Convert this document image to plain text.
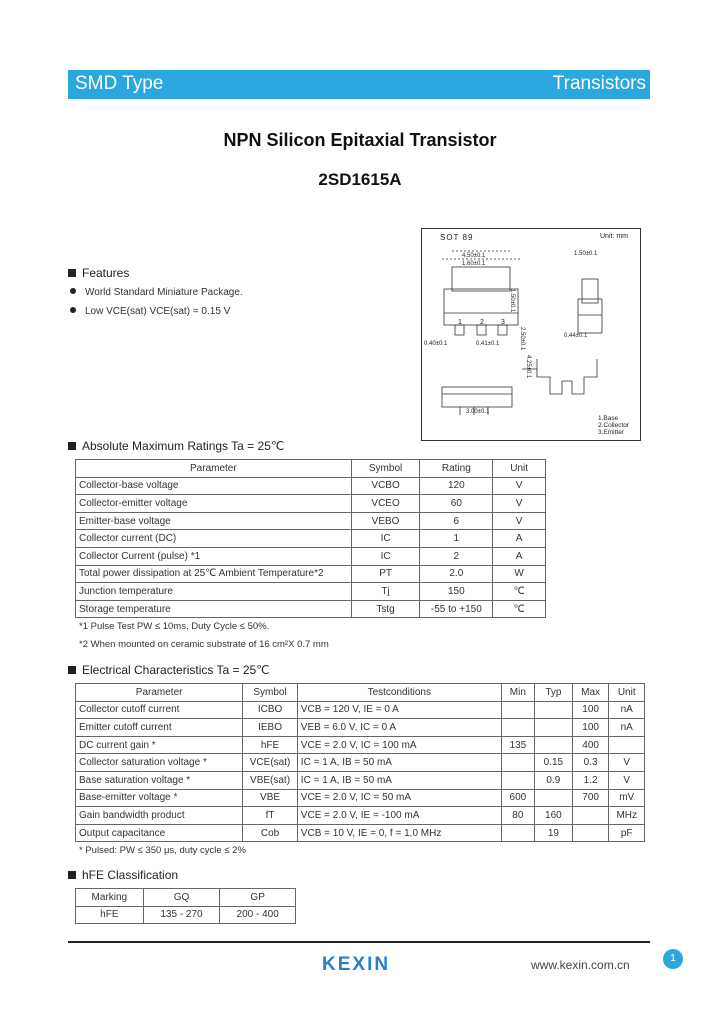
SMD Type	Transistors
NPN Silicon Epitaxial Transistor
2SD1615A
Features
World Standard Miniature Package.
Low VCE(sat) VCE(sat) = 0.15 V
SOT 89	Unit: mm
4.50±0.1
1.60±0.1
1.50±0.1
0.40±0.1	0.41±0.1
0.44±0.1
3.00±0.1
1.50±0.1
2.50±0.1
4.25±0.1
1	2 3
1.Base
2.Collector
3.Emitter
Absolute Maximum Ratings Ta = 25℃
Parameter	Symbol	Rating	Unit
Collector-base voltage	VCBO	120	V
Collector-emitter voltage	VCEO	60	V
Emitter-base voltage	VEBO	6	V
Collector current (DC)	IC	1	A
Collector Current (pulse) *1	IC	2	A
Total power dissipation at 25℃ Ambient Temperature*2	PT	2.0	W
Junction temperature	Tj	150	℃
Storage temperature	Tstg	-55 to +150	℃
*1 Pulse Test PW ≤ 10ms, Duty Cycle ≤ 50%.
*2 When mounted on ceramic substrate of 16 cm²X 0.7 mm
Electrical Characteristics Ta = 25℃
Parameter	Symbol	Testconditions	Min	Typ	Max	Unit
Collector cutoff current	ICBO	VCB = 120 V, IE = 0 A			100	nA
Emitter cutoff current	IEBO	VEB = 6.0 V, IC = 0 A			100	nA
DC current gain *	hFE	VCE = 2.0 V, IC = 100 mA	135		400	
Collector saturation voltage *	VCE(sat)	IC = 1 A, IB = 50 mA		0.15	0.3	V
Base saturation voltage *	VBE(sat)	IC = 1 A, IB = 50 mA		0.9	1.2	V
Base-emitter voltage *	VBE	VCE = 2.0 V, IC = 50 mA	600		700	mV
Gain bandwidth product	fT	VCE = 2.0 V, IE = -100 mA	80	160		MHz
Output capacitance	Cob	VCB = 10 V, IE = 0, f = 1.0 MHz		19		pF
* Pulsed: PW ≤ 350 μs, duty cycle ≤ 2%
hFE Classification
Marking	GQ	GP
hFE	135 - 270	200 - 400
KEXIN	www.kexin.com.cn	1
